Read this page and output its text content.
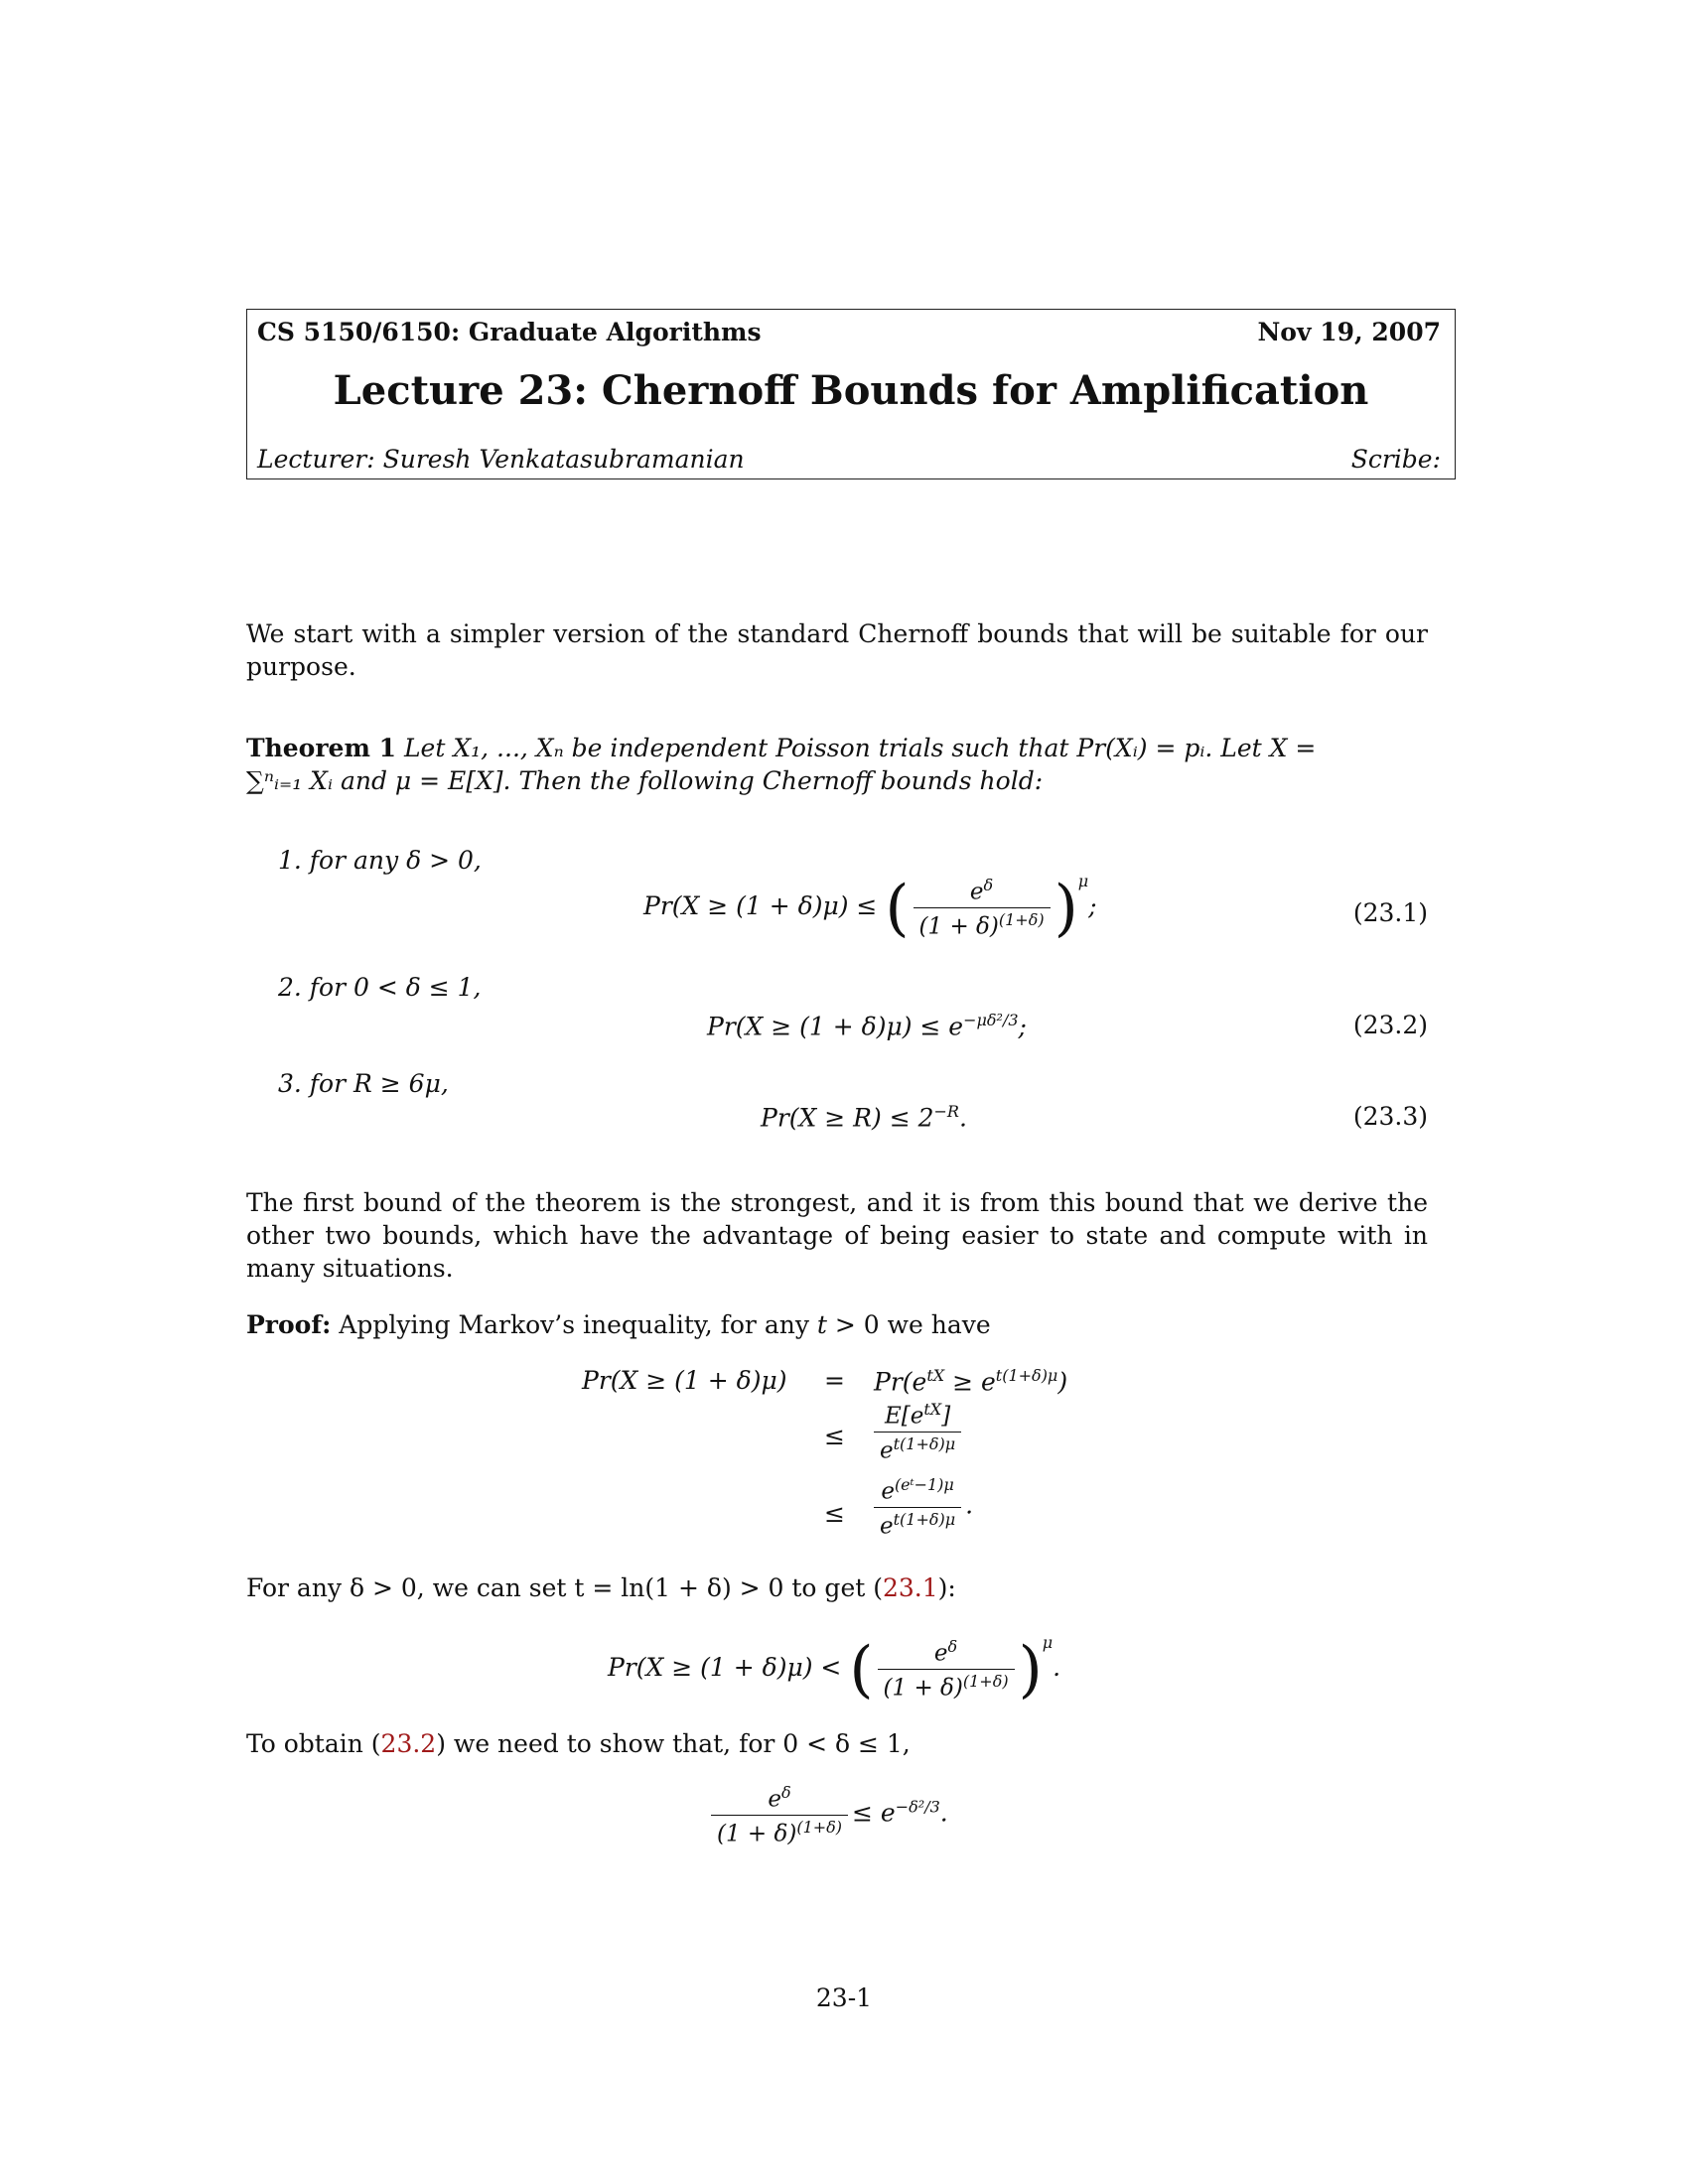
CS 5150/6150: Graduate Algorithms	Nov 19, 2007
Lecture 23: Chernoff Bounds for Amplification
Lecturer: Suresh Venkatasubramanian	Scribe:
We start with a simpler version of the standard Chernoff bounds that will be suitable for our purpose.
Theorem 1 Let X₁, ..., Xₙ be independent Poisson trials such that Pr(Xᵢ) = pᵢ. Let X =
∑ⁿᵢ₌₁ Xᵢ and μ = E[X]. Then the following Chernoff bounds hold:
1. for any δ > 0,
Pr(X ≥ (1 + δ)μ) ≤ ( $\frac{e^\delta}{(1 + \delta)^{(1+\delta)}} )^\mu$;	(23.1)
2. for 0 < δ ≤ 1,
$Pr(X \ge (1 + \delta)\mu) \le e^{-\mu\delta^2/3}$;	(23.2)
3. for R ≥ 6μ,
$Pr(X \ge R) \le 2^{-R}$.	(23.3)
The first bound of the theorem is the strongest, and it is from this bound that we derive the other two bounds, which have the advantage of being easier to state and compute with in many situations.
Proof: Applying Markov’s inequality, for any t > 0 we have
$Pr(X \ge (1 + \delta)\mu) = Pr(e^{tX} \ge e^{t(1+\delta)\mu})$
≤ $\frac{E[e^{tX}]}{e^{t(1+\delta)\mu}}$
≤ $\frac{e^{(eᵗ-1)\mu}}{e^{t(1+\delta)\mu}}$ .
For any δ > 0, we can set t = ln(1 + δ) > 0 to get (23.1):
Pr(X ≥ (1 + δ)μ) < ( $\frac{e^\delta}{(1 + \delta)^{(1+\delta)}} )^\mu$.
To obtain (23.2) we need to show that, for 0 < δ ≤ 1,
$\frac{e^\delta}{(1 + \delta)^{(1+\delta)}} \le e^{-\delta^2/3}$.
23-1
